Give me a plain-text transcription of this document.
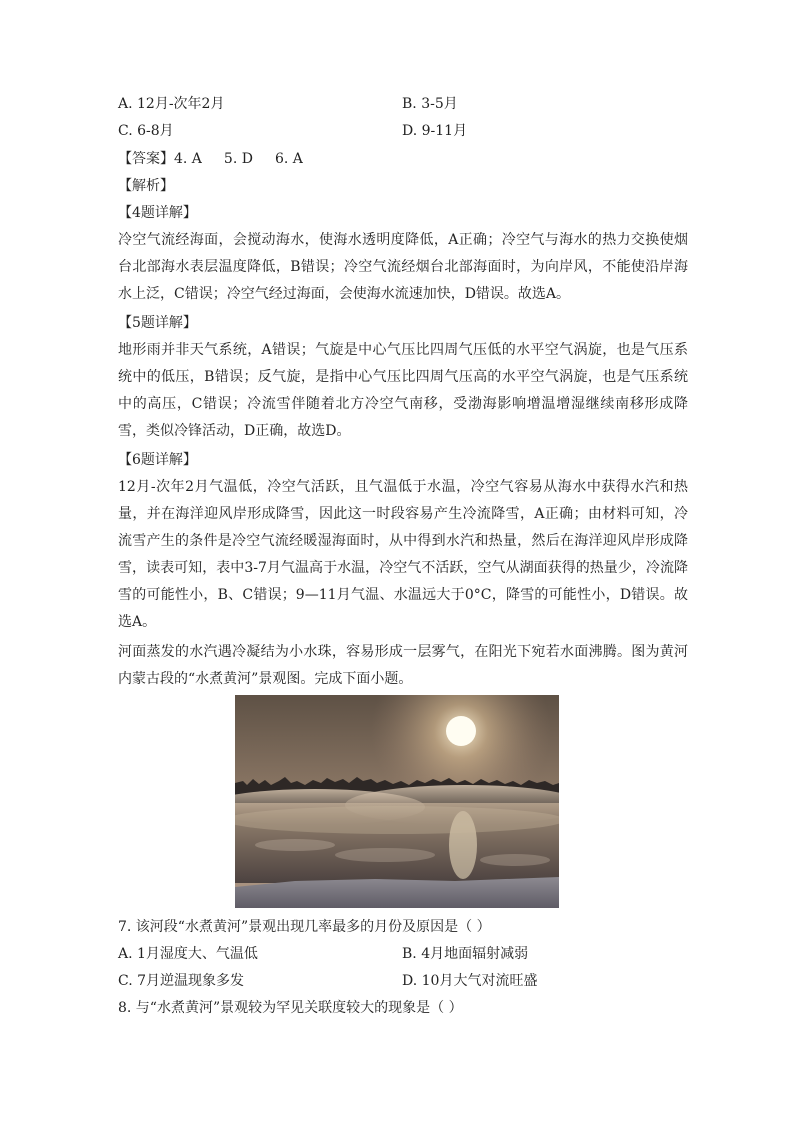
A. 12月-次年2月	B. 3-5月
C. 6-8月	D. 9-11月
【答案】4. A 5. D 6. A
【解析】
【4题详解】
冷空气流经海面，会搅动海水，使海水透明度降低，A正确；冷空气与海水的热力交换使烟台北部海水表层温度降低，B错误；冷空气流经烟台北部海面时，为向岸风，不能使沿岸海水上泛，C错误；冷空气经过海面，会使海水流速加快，D错误。故选A。
【5题详解】
地形雨并非天气系统，A错误；气旋是中心气压比四周气压低的水平空气涡旋，也是气压系统中的低压，B错误；反气旋，是指中心气压比四周气压高的水平空气涡旋，也是气压系统中的高压，C错误；冷流雪伴随着北方冷空气南移，受渤海影响增温增湿继续南移形成降雪，类似冷锋活动，D正确，故选D。
【6题详解】
12月-次年2月气温低，冷空气活跃，且气温低于水温，冷空气容易从海水中获得水汽和热量，并在海洋迎风岸形成降雪，因此这一时段容易产生冷流降雪，A正确；由材料可知，冷流雪产生的条件是冷空气流经暖湿海面时，从中得到水汽和热量，然后在海洋迎风岸形成降雪，读表可知，表中3-7月气温高于水温，冷空气不活跃，空气从湖面获得的热量少，冷流降雪的可能性小，B、C错误；9—11月气温、水温远大于0°C，降雪的可能性小，D错误。故选A。
河面蒸发的水汽遇冷凝结为小水珠，容易形成一层雾气，在阳光下宛若水面沸腾。图为黄河内蒙古段的“水煮黄河”景观图。完成下面小题。
7. 该河段“水煮黄河”景观出现几率最多的月份及原因是（ ）
A. 1月湿度大、气温低	B. 4月地面辐射减弱
C. 7月逆温现象多发	D. 10月大气对流旺盛
8. 与“水煮黄河”景观较为罕见关联度较大的现象是（ ）
